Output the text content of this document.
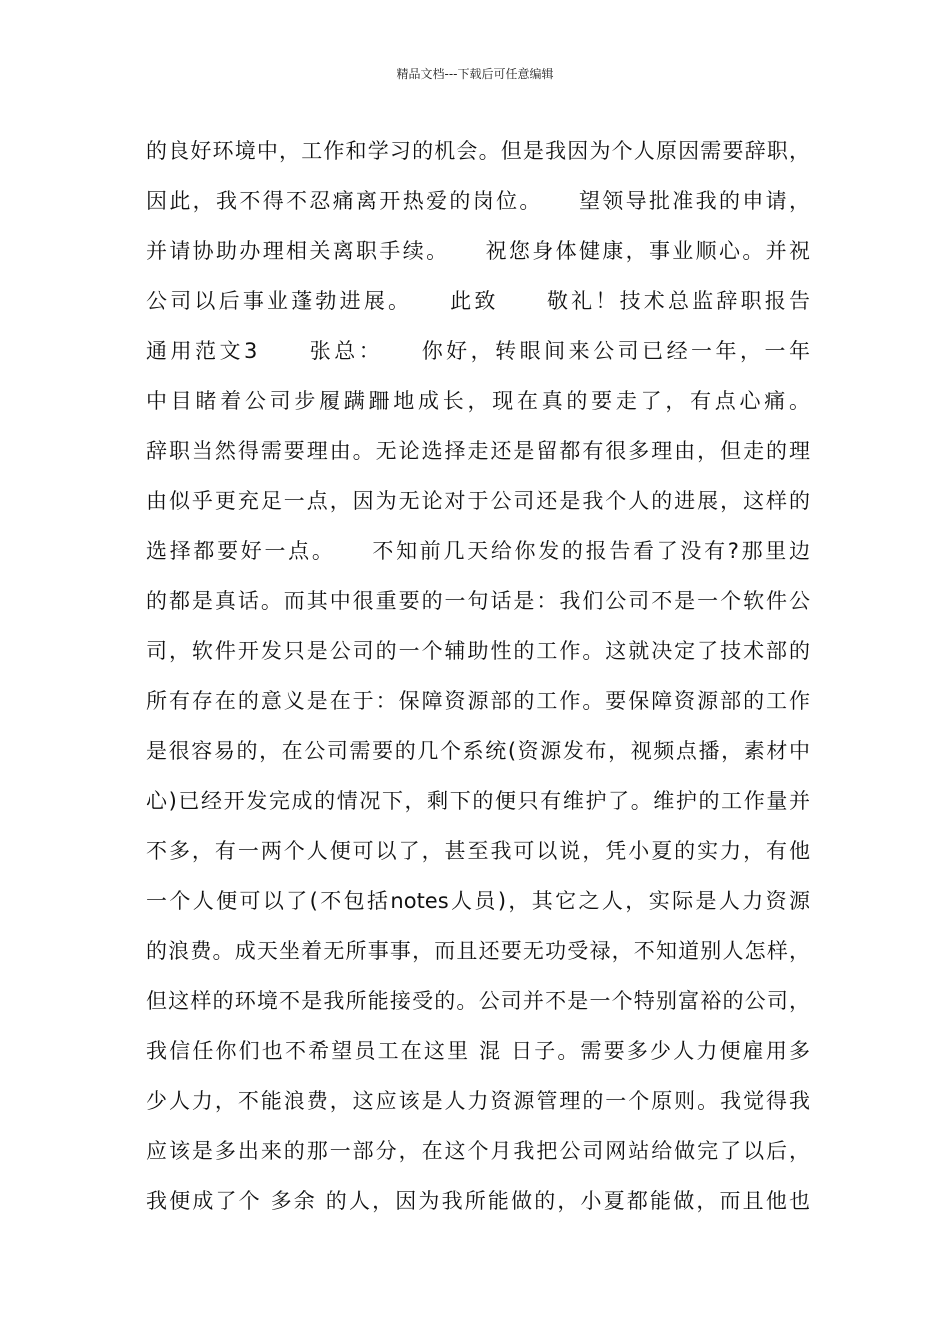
精品文档---下载后可任意编辑
的良好环境中，工作和学习的机会。但是我因为个人原因需要辞职，
因此，我不得不忍痛离开热爱的岗位。　　望领导批准我的申请，
并请协助办理相关离职手续。　　祝您身体健康，事业顺心。并祝
公司以后事业蓬勃进展。　　此致　　敬礼！技术总监辞职报告
通用范文3　　张总：　　你好，转眼间来公司已经一年，一年
中目睹着公司步履蹒跚地成长，现在真的要走了，有点心痛。
辞职当然得需要理由。无论选择走还是留都有很多理由，但走的理
由似乎更充足一点，因为无论对于公司还是我个人的进展，这样的
选择都要好一点。　　不知前几天给你发的报告看了没有?那里边
的都是真话。而其中很重要的一句话是：我们公司不是一个软件公
司，软件开发只是公司的一个辅助性的工作。这就决定了技术部的
所有存在的意义是在于：保障资源部的工作。要保障资源部的工作
是很容易的，在公司需要的几个系统(资源发布，视频点播，素材中
心)已经开发完成的情况下，剩下的便只有维护了。维护的工作量并
不多，有一两个人便可以了，甚至我可以说，凭小夏的实力，有他
一个人便可以了(不包括notes人员)，其它之人，实际是人力资源
的浪费。成天坐着无所事事，而且还要无功受禄，不知道别人怎样，
但这样的环境不是我所能接受的。公司并不是一个特别富裕的公司，
我信任你们也不希望员工在这里 混 日子。需要多少人力便雇用多
少人力，不能浪费，这应该是人力资源管理的一个原则。我觉得我
应该是多出来的那一部分，在这个月我把公司网站给做完了以后，
我便成了个 多余 的人，因为我所能做的，小夏都能做，而且他也
